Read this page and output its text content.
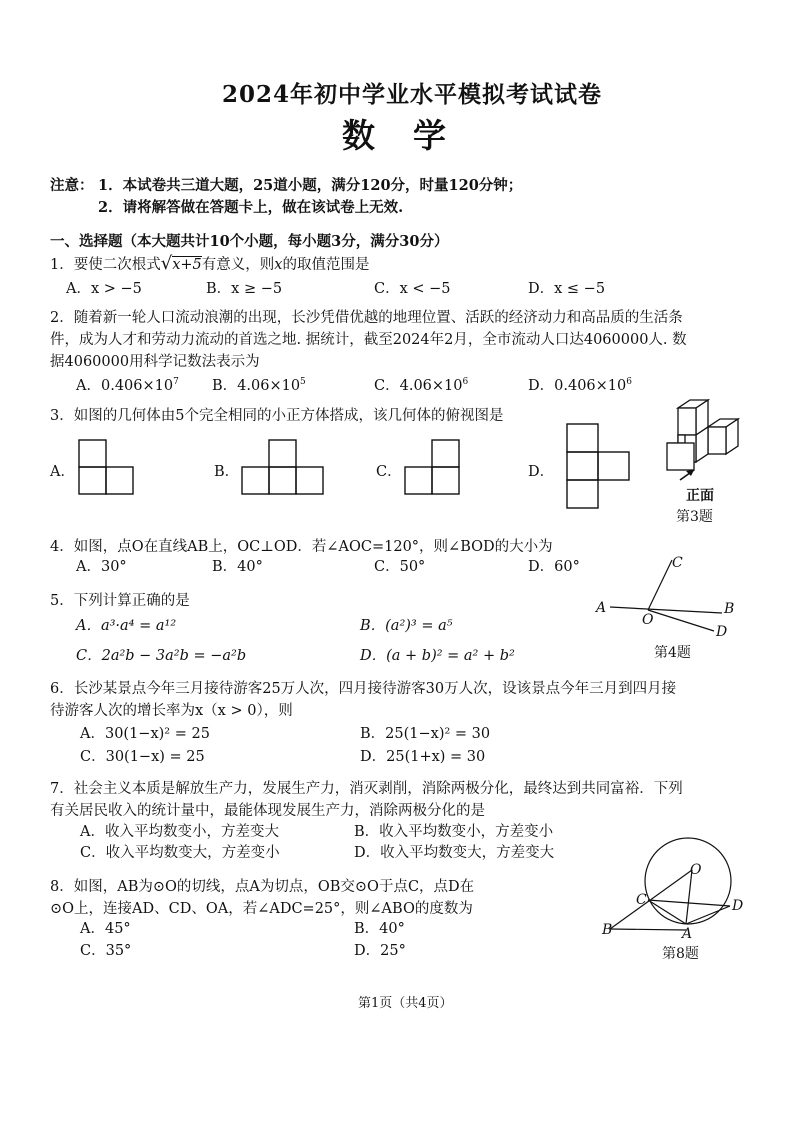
2024年初中学业水平模拟考试试卷
数学
注意： 1．本试卷共三道大题，25道小题，满分120分，时量120分钟；
2．请将解答做在答题卡上，做在该试卷上无效.
一、选择题（本大题共计10个小题，每小题3分，满分30分）
1．要使二次根式√x+5有意义，则x的取值范围是
A．x > −5	B．x ≥ −5	C．x < −5	D．x ≤ −5
2．随着新一轮人口流动浪潮的出现，长沙凭借优越的地理位置、活跃的经济动力和高品质的生活条
件，成为人才和劳动力流动的首选之地. 据统计，截至2024年2月，全市流动人口达4060000人. 数
据4060000用科学记数法表示为
A．$0.406\times 10^7$ B．$4.06\times 10^5$	C．$4.06\times 10^6$	D．$0.406\times 10^6$
3．如图的几何体由5个完全相同的小正方体搭成，该几何体的俯视图是
A．	B．	C．	D．
正面
第3题
4．如图，点O在直线AB上，OC⊥OD．若∠AOC=120°，则∠BOD的大小为
A．30°	B．40°	C．50°	D．60°	C
A	B
O
D
第4题
5．下列计算正确的是
A．a³·a⁴ = a¹²	B．(a²)³ = a⁵
C．2a²b − 3a²b = −a²b	D．(a + b)² = a² + b²
6．长沙某景点今年三月接待游客25万人次，四月接待游客30万人次，设该景点今年三月到四月接
待游客人次的增长率为x（x > 0），则
A．30(1−x)² = 25	B．25(1−x)² = 30
C．30(1−x) = 25	D．25(1+x) = 30
7．社会主义本质是解放生产力，发展生产力，消灭剥削，消除两极分化，最终达到共同富裕．下列
有关居民收入的统计量中，最能体现发展生产力，消除两极分化的是
A．收入平均数变小，方差变大	B．收入平均数变小，方差变小
C．收入平均数变大，方差变小	D．收入平均数变大，方差变大
8．如图，AB为⊙O的切线，点A为切点，OB交⊙O于点C，点D在
⊙O上，连接AD、CD、OA，若∠ADC=25°，则∠ABO的度数为
A．45°	B．40°
C．35°	D．25°
O
C	D
B	A
第8题
第1页（共4页）
